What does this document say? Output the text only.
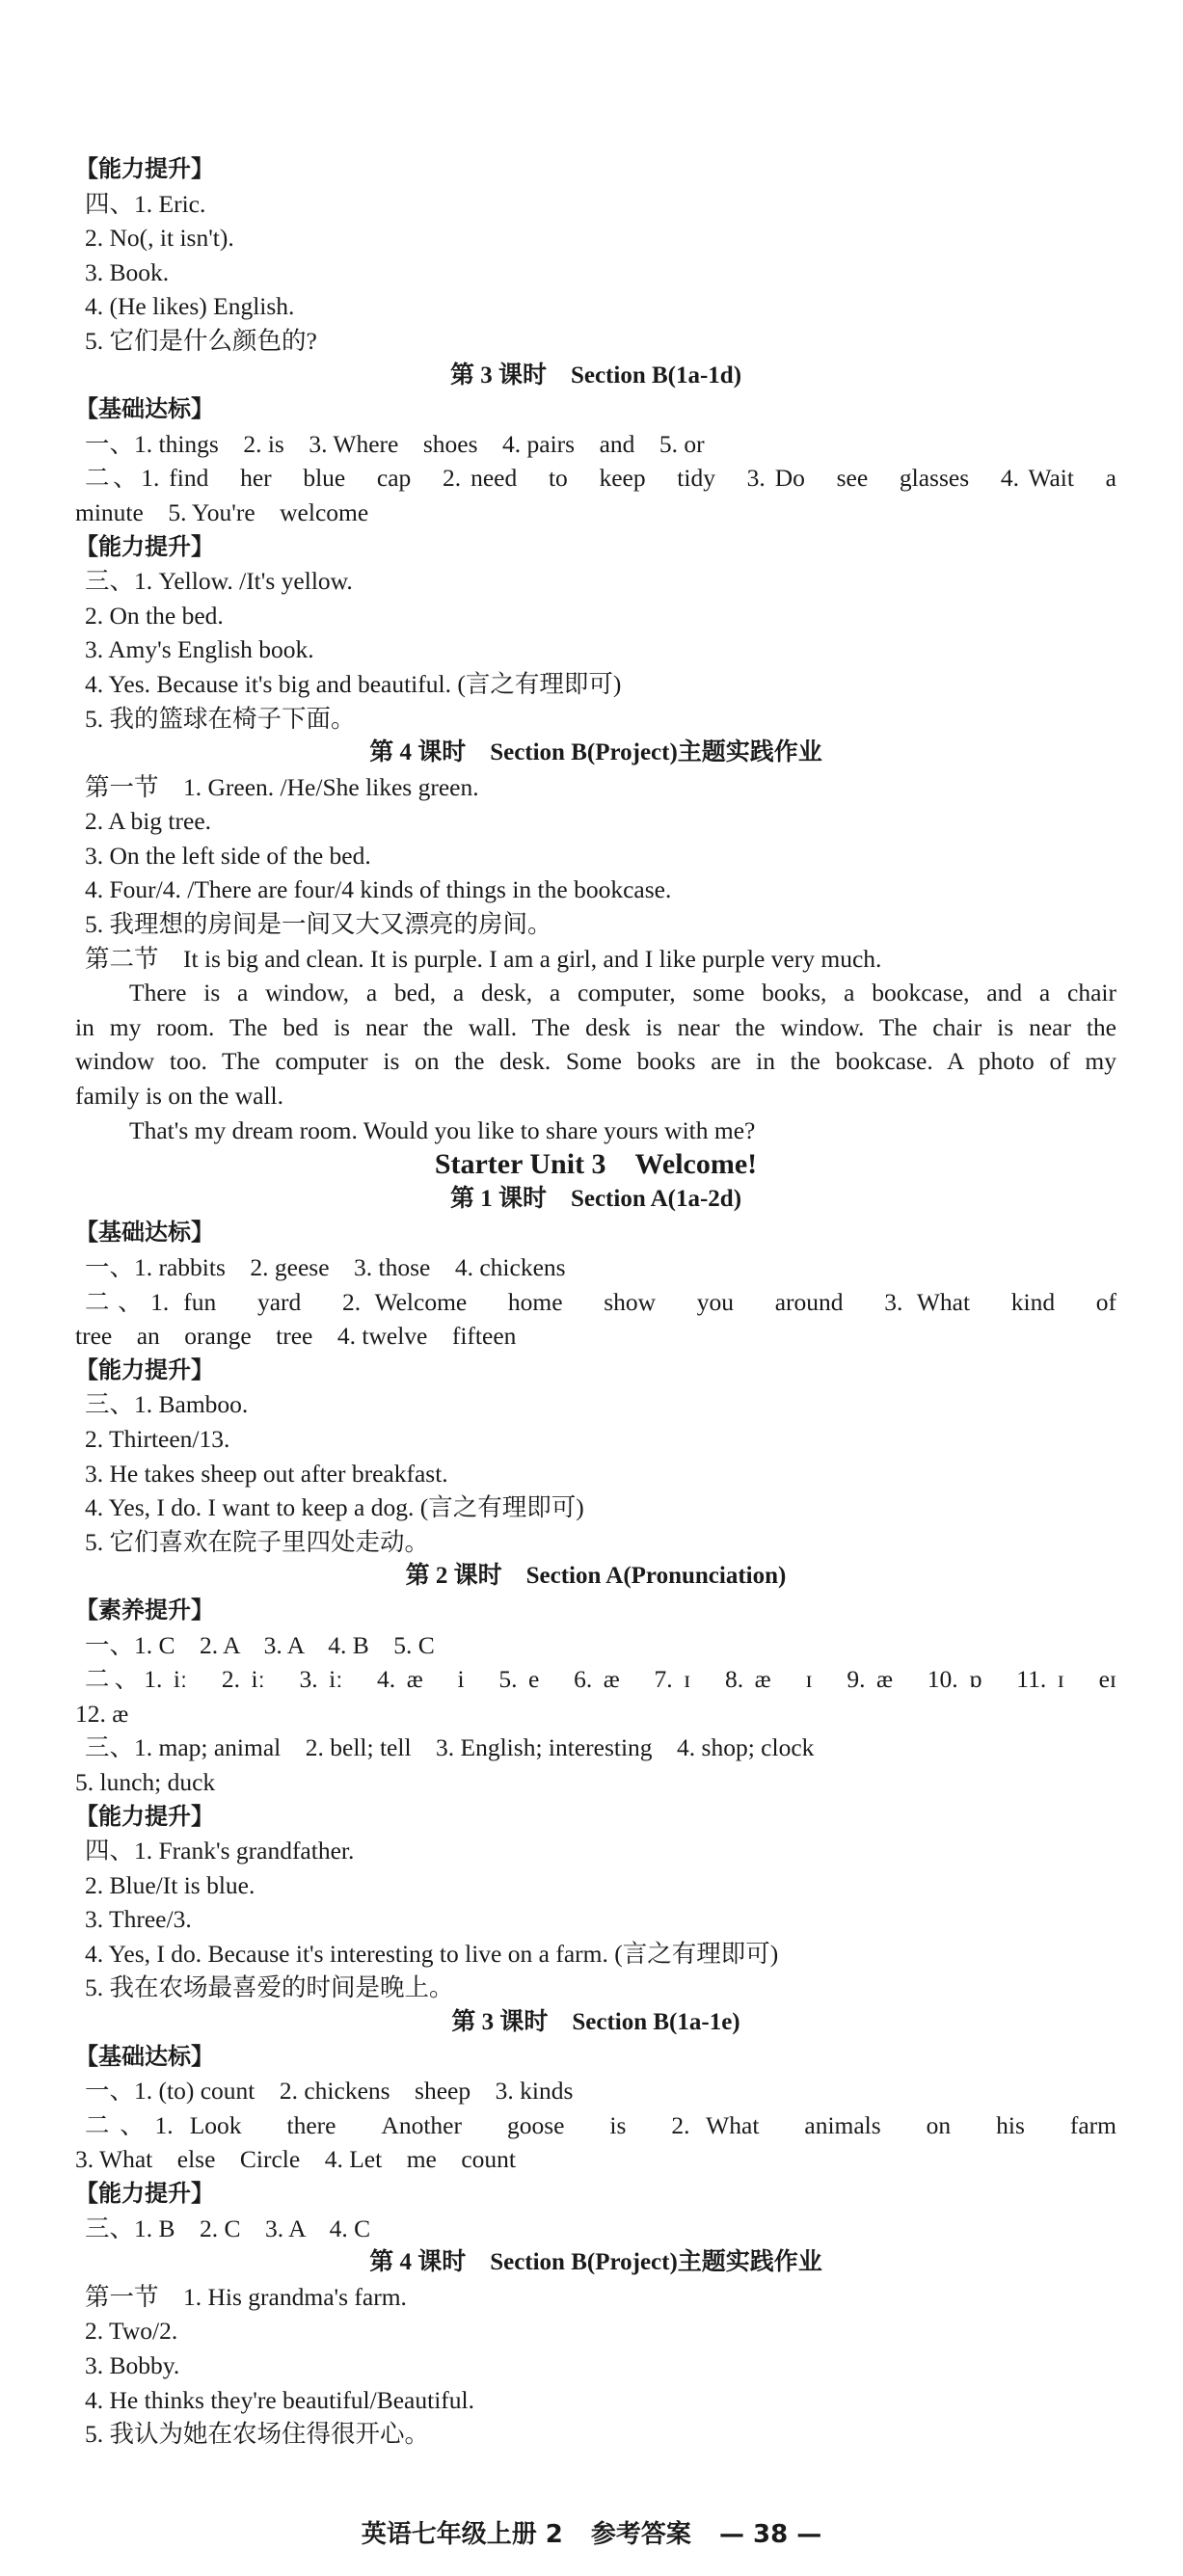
【能力提升】
四、1. Eric.
2. No(, it isn't).
3. Book.
4. (He likes) English.
5. 它们是什么颜色的?
第 3 课时　Section B(1a-1d)
【基础达标】
一、1. things　2. is　3. Where　shoes　4. pairs　and　5. or
二、1. find　her　blue　cap　2. need　to　keep　tidy　3. Do　see　glasses　4. Wait　a
minute　5. You're　welcome
【能力提升】
三、1. Yellow. /It's yellow.
2. On the bed.
3. Amy's English book.
4. Yes. Because it's big and beautiful. (言之有理即可)
5. 我的篮球在椅子下面。
第 4 课时　Section B(Project)主题实践作业
第一节　1. Green. /He/She likes green.
2. A big tree.
3. On the left side of the bed.
4. Four/4. /There are four/4 kinds of things in the bookcase.
5. 我理想的房间是一间又大又漂亮的房间。
第二节　It is big and clean. It is purple. I am a girl, and I like purple very much.
There is a window, a bed, a desk, a computer, some books, a bookcase, and a chair
in my room. The bed is near the wall. The desk is near the window. The chair is near the
window too. The computer is on the desk. Some books are in the bookcase. A photo of my
family is on the wall.
That's my dream room. Would you like to share yours with me?
Starter Unit 3　Welcome!
第 1 课时　Section A(1a-2d)
【基础达标】
一、1. rabbits　2. geese　3. those　4. chickens
二、1. fun　yard　2. Welcome　home　show　you　around　3. What　kind　of
tree　an　orange　tree　4. twelve　fifteen
【能力提升】
三、1. Bamboo.
2. Thirteen/13.
3. He takes sheep out after breakfast.
4. Yes, I do. I want to keep a dog. (言之有理即可)
5. 它们喜欢在院子里四处走动。
第 2 课时　Section A(Pronunciation)
【素养提升】
一、1. C　2. A　3. A　4. B　5. C
二、1. iː　2. iː　3. iː　4. æ　i　5. e　6. æ　7. ɪ　8. æ　ɪ　9. æ　10. ɒ　11. ɪ　eɪ
12. æ
三、1. map; animal　2. bell; tell　3. English; interesting　4. shop; clock
5. lunch; duck
【能力提升】
四、1. Frank's grandfather.
2. Blue/It is blue.
3. Three/3.
4. Yes, I do. Because it's interesting to live on a farm. (言之有理即可)
5. 我在农场最喜爱的时间是晚上。
第 3 课时　Section B(1a-1e)
【基础达标】
一、1. (to) count　2. chickens　sheep　3. kinds
二、1. Look　there　Another　goose　is　2. What　animals　on　his　farm
3. What　else　Circle　4. Let　me　count
【能力提升】
三、1. B　2. C　3. A　4. C
第 4 课时　Section B(Project)主题实践作业
第一节　1. His grandma's farm.
2. Two/2.
3. Bobby.
4. He thinks they're beautiful/Beautiful.
5. 我认为她在农场住得很开心。
英语七年级上册 2 参考答案 — 38 —
